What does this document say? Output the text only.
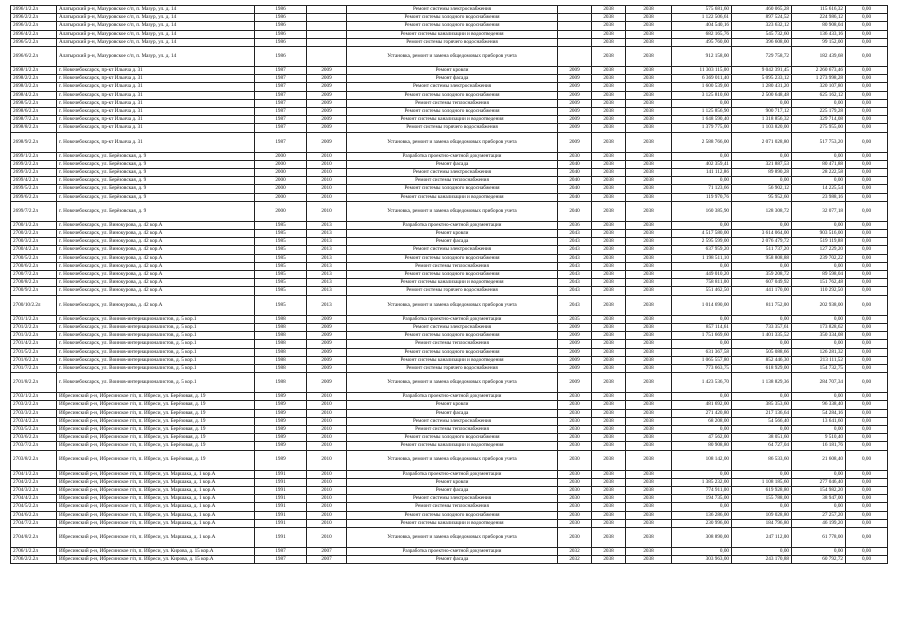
2696/1/2.2л	Алатырский р-н, Мазуровское с/п, п. Мазур, ул. д. 14	1986		Ремонт системы электроснабжения		2038	2038	575 681,60	460 065,28	115 616,32	0,00
2696/2/2.2л	Алатырский р-н, Мазуровское с/п, п. Мазур, ул. д. 14	1986		Ремонт системы холодного водоснабжения		2038	2038	1 122 506,61	897 524,52	224 986,12	0,00
2696/3/2.2л	Алатырский р-н, Мазуровское с/п, п. Мазур, ул. д. 14	1986		Ремонт системы холодного водоснабжения		2038	2038	404 540,16	323 632,12	80 908,04	0,00
2696/4/2.2л	Алатырский р-н, Мазуровское с/п, п. Мазур, ул. д. 14	1986		Ремонт системы канализации и водоотведения		2038	2038	682 165,76	545 732,60	136 433,16	0,00
2696/5/2.2л	Алатырский р-н, Мазуровское с/п, п. Мазур, ул. д. 14	1986		Ремонт системы горячего водоснабжения		2038	2038	495 760,00	396 608,00	99 152,00	0,00
2696/6/2.2л	Алатырский р-н, Мазуровское с/п, п. Мазур, ул. д. 14	1986		Установка, ремонт и замена общедомовых приборов учета		2038	2038	912 158,00	729 758,72	182 439,68	0,00
2698/1/2.2л	г. Новочебоксарск, пр-кт Ильича д. 31	1987	2009	Ремонт кровли	2009	2038	2038	11 303 115,00	9 042 391,45	2 260 673,46	0,00
2698/2/2.2л	г. Новочебоксарск, пр-кт Ильича д. 31	1987	2009	Ремонт фасада	2009	2038	2038	6 369 011,40	5 095 233,12	1 273 998,28	0,00
2698/3/2.2л	г. Новочебоксарск, пр-кт Ильича д. 31	1987	2009	Ремонт системы электроснабжения	2009	2038	2038	1 600 539,00	1 280 431,20	320 107,80	0,00
2698/4/2.2л	г. Новочебоксарск, пр-кт Ильича д. 31	1987	2009	Ремонт системы холодного водоснабжения	2009	2038	2038	3 125 810,60	2 500 648,48	625 162,12	0,00
2698/5/2.2л	г. Новочебоксарск, пр-кт Ильича д. 31	1987	2009	Ремонт системы теплоснабжения	2009	2038	2038	0,00	0,00	0,00	0,00
2698/6/2.2л	г. Новочебоксарск, пр-кт Ильича д. 31	1987	2009	Ремонт системы холодного водоснабжения	2009	2038	2038	1 125 856,90	900 717,12	225 179,28	0,00
2698/7/2.2л	г. Новочебоксарск, пр-кт Ильича д. 31	1987	2009	Ремонт системы канализации и водоотведения	2009	2038	2038	1 648 590,40	1 318 856,32	329 714,08	0,00
2698/8/2.2л	г. Новочебоксарск, пр-кт Ильича д. 31	1987	2009	Ремонт системы горячего водоснабжения	2009	2038	2038	1 379 775,00	1 103 820,00	275 955,00	0,00
2698/9/2.2л	г. Новочебоксарск, пр-кт Ильича д. 31	1987	2009	Установка, ремонт и замена общедомовых приборов учета	2009	2038	2038	2 588 766,00	2 071 028,80	517 753,20	0,00
2699/1/2.2л	г. Новочебоксарск, ул. Берёзовская, д. 9	2000	2010	Разработка проектно-сметной документации	2030	2038	2038	0,00	0,00	0,00	0,00
2699/2/2.2л	г. Новочебоксарск, ул. Берёзовская, д. 9	2000	2010	Ремонт фасада	2040	2038	2038	402 359,41	321 887,53	80 471,88	0,00
2699/3/2.2л	г. Новочебоксарск, ул. Берёзовская, д. 9	2000	2010	Ремонт системы электроснабжения	2040	2038	2038	141 112,86	89 890,28	28 222,58	0,00
2699/4/2.2л	г. Новочебоксарск, ул. Берёзовская, д. 9	2000	2010	Ремонт системы теплоснабжения	2040	2038	2038	0,00	0,00	0,00	0,00
2699/5/2.2л	г. Новочебоксарск, ул. Берёзовская, д. 9	2000	2010	Ремонт системы холодного водоснабжения	2040	2038	2038	71 123,66	56 902,12	14 225,54	0,00
2699/6/2.2л	г. Новочебоксарск, ул. Берёзовская, д. 9	2000	2010	Ремонт системы канализации и водоотведения	2040	2038	2038	119 970,76	95 952,60	23 988,16	0,00
2699/7/2.2л	г. Новочебоксарск, ул. Берёзовская, д. 9	2000	2010	Установка, ремонт и замена общедомовых приборов учета	2040	2038	2038	160 385,90	128 308,72	32 077,18	0,00
2700/1/2.2л	г. Новочебоксарск, ул. Винокурова, д. 42 кор.А	1985	2013	Разработка проектно-сметной документации	2036	2038	2038	0,00	0,00	0,00	0,00
2700/2/2.2л	г. Новочебоксарск, ул. Винокурова, д. 42 кор.А	1985	2013	Ремонт кровли	2043	2038	2038	4 517 580,00	3 614 064,00	903 516,00	0,00
2700/3/2.2л	г. Новочебоксарск, ул. Винокурова, д. 42 кор.А	1985	2013	Ремонт фасада	2043	2038	2038	2 595 599,00	2 076 479,72	519 119,88	0,00
2700/4/2.2л	г. Новочебоксарск, ул. Винокурова, д. 42 кор.А	1985	2013	Ремонт системы электроснабжения	2043	2038	2038	637 959,20	511 737,20	127 229,20	0,00
2700/5/2.2л	г. Новочебоксарск, ул. Винокурова, д. 42 кор.А	1985	2013	Ремонт системы холодного водоснабжения	2043	2038	2038	1 198 511,10	958 808,88	239 702,22	0,00
2700/6/2.2л	г. Новочебоксарск, ул. Винокурова, д. 42 кор.А	1985	2013	Ремонт системы теплоснабжения	2043	2038	2038	0,00	0,00	0,00	0,00
2700/7/2.2л	г. Новочебоксарск, ул. Винокурова, д. 42 кор.А	1985	2013	Ремонт системы холодного водоснабжения	2043	2038	2038	449 010,20	359 208,72	89 598,04	0,00
2700/8/2.2л	г. Новочебоксарск, ул. Винокурова, д. 42 кор.А	1985	2013	Ремонт системы канализации и водоотведения	2043	2038	2038	758 811,00	607 049,92	151 762,48	0,00
2700/9/2.2л	г. Новочебоксарск, ул. Винокурова, д. 42 кор.А	1985	2013	Ремонт системы горячего водоснабжения	2043	2038	2038	551 462,50	441 170,00	110 292,50	0,00
2700/10/2.2л	г. Новочебоксарск, ул. Винокурова, д. 42 кор.А	1985	2013	Установка, ремонт и замена общедомовых приборов учета	2043	2038	2038	1 014 690,00	811 752,00	202 938,00	0,00
2701/1/2.2л	г. Новочебоксарск, ул. Воинов-интернационалистов, д. 5 кор.1	1988	2009	Разработка проектно-сметной документации	2035	2038	2038	0,00	0,00	0,00	0,00
2701/2/2.2л	г. Новочебоксарск, ул. Воинов-интернационалистов, д. 5 кор.1	1988	2009	Ремонт системы электроснабжения	2009	2038	2038	857 114,61	733 357,61	173 828,62	0,00
2701/3/2.2л	г. Новочебоксарск, ул. Воинов-интернационалистов, д. 5 кор.1	1988	2009	Ремонт системы холодного водоснабжения	2009	2038	2038	1 751 669,60	1 401 335,52	350 334,08	0,00
2701/4/2.2л	г. Новочебоксарск, ул. Воинов-интернационалистов, д. 5 кор.1	1988	2009	Ремонт системы теплоснабжения	2009	2038	2038	0,00	0,00	0,00	0,00
2701/5/2.2л	г. Новочебоксарск, ул. Воинов-интернационалистов, д. 5 кор.1	1988	2009	Ремонт системы холодного водоснабжения	2009	2038	2038	631 367,58	505 088,66	126 281,32	0,00
2701/6/2.2л	г. Новочебоксарск, ул. Воинов-интернационалистов, д. 5 кор.1	1988	2009	Ремонт системы канализации и водоотведения	2009	2038	2038	1 065 557,80	852 446,30	213 111,52	0,00
2701/7/2.2л	г. Новочебоксарск, ул. Воинов-интернационалистов, д. 5 кор.1	1988	2009	Ремонт системы горячего водоснабжения	2009	2038	2038	773 663,75	618 929,00	154 732,75	0,00
2701/8/2.2л	г. Новочебоксарск, ул. Воинов-интернационалистов, д. 5 кор.1	1988	2009	Установка, ремонт и замена общедомовых приборов учета	2009	2038	2038	1 423 536,70	1 138 829,36	284 707,34	0,00
2703/1/2.2л	Ибресинский р-н, Ибресинское г/п, п. Ибреси, ул. Берёзовая, д. 19	1989	2010	Разработка проектно-сметной документации	2030	2038	2038	0,00	0,00	0,00	0,00
2703/2/2.2л	Ибресинский р-н, Ибресинское г/п, п. Ибреси, ул. Берёзовая, д. 19	1989	2010	Ремонт кровли	2030	2038	2038	481 692,00	385 353,60	96 338,40	0,00
2703/3/2.2л	Ибресинский р-н, Ибресинское г/п, п. Ибреси, ул. Берёзовая, д. 19	1989	2010	Ремонт фасада	2030	2038	2038	271 420,80	217 136,64	54 284,16	0,00
2703/4/2.2л	Ибресинский р-н, Ибресинское г/п, п. Ибреси, ул. Берёзовая, д. 19	1989	2010	Ремонт системы электроснабжения	2030	2038	2038	68 208,00	54 566,40	13 641,60	0,00
2703/5/2.2л	Ибресинский р-н, Ибресинское г/п, п. Ибреси, ул. Берёзовая, д. 19	1989	2010	Ремонт системы теплоснабжения	2030	2038	2038	0,00	0,00	0,00	0,00
2703/6/2.2л	Ибресинский р-н, Ибресинское г/п, п. Ибреси, ул. Берёзовая, д. 19	1989	2010	Ремонт системы холодного водоснабжения	2030	2038	2038	47 562,00	38 051,60	9 510,40	0,00
2703/7/2.2л	Ибресинский р-н, Ибресинское г/п, п. Ибреси, ул. Берёзовая, д. 19	1989	2010	Ремонт системы канализации и водоотведения	2030	2038	2038	80 908,80	64 727,04	16 181,76	0,00
2703/8/2.2л	Ибресинский р-н, Ибресинское г/п, п. Ибреси, ул. Берёзовая, д. 19	1989	2010	Установка, ремонт и замена общедомовых приборов учета	2030	2038	2038	108 142,00	86 533,60	21 608,40	0,00
2704/1/2.2л	Ибресинский р-н, Ибресинское г/п, п. Ибреси, ул. Маршака, д. 1 кор.А	1991	2010	Разработка проектно-сметной документации	2030	2038	2038	0,00	0,00	0,00	0,00
2704/2/2.2л	Ибресинский р-н, Ибресинское г/п, п. Ибреси, ул. Маршака, д. 1 кор.А	1991	2010	Ремонт кровли	2030	2038	2038	1 385 232,00	1 108 185,60	277 046,40	0,00
2704/3/2.2л	Ибресинский р-н, Ибресинское г/п, п. Ибреси, ул. Маршака, д. 1 кор.А	1991	2010	Ремонт фасада	2030	2038	2038	774 911,00	619 928,80	154 982,20	0,00
2704/4/2.2л	Ибресинский р-н, Ибресинское г/п, п. Ибреси, ул. Маршака, д. 1 кор.А	1991	2010	Ремонт системы электроснабжения	2030	2038	2038	194 735,00	155 788,00	38 947,00	0,00
2704/5/2.2л	Ибресинский р-н, Ибресинское г/п, п. Ибреси, ул. Маршака, д. 1 кор.А	1991	2010	Ремонт системы теплоснабжения	2030	2038	2038	0,00	0,00	0,00	0,00
2704/6/2.2л	Ибресинский р-н, Ибресинское г/п, п. Ибреси, ул. Маршака, д. 1 кор.А	1991	2010	Ремонт системы холодного водоснабжения	2030	2038	2038	136 286,00	109 028,80	27 257,20	0,00
2704/7/2.2л	Ибресинский р-н, Ибресинское г/п, п. Ибреси, ул. Маршака, д. 1 кор.А	1991	2010	Ремонт системы канализации и водоотведения	2030	2038	2038	230 996,00	184 796,80	46 199,20	0,00
2704/8/2.2л	Ибресинский р-н, Ибресинское г/п, п. Ибреси, ул. Маршака, д. 1 кор.А	1991	2010	Установка, ремонт и замена общедомовых приборов учета	2030	2038	2038	308 890,00	247 112,00	61 778,00	0,00
2706/1/2.2л	Ибресинский р-н, Ибресинское г/п, п. Ибреси, ул. Кирова, д. 15 кор.А	1987	2007	Разработка проектно-сметной документации	2032	2038	2038	0,00	0,00	0,00	0,00
2706/2/2.2л	Ибресинский р-н, Ибресинское г/п, п. Ибреси, ул. Кирова, д. 15 кор.А	1987	2007	Ремонт фасада	2032	2038	2038	303 963,00	243 170,88	60 792,72	0,00
